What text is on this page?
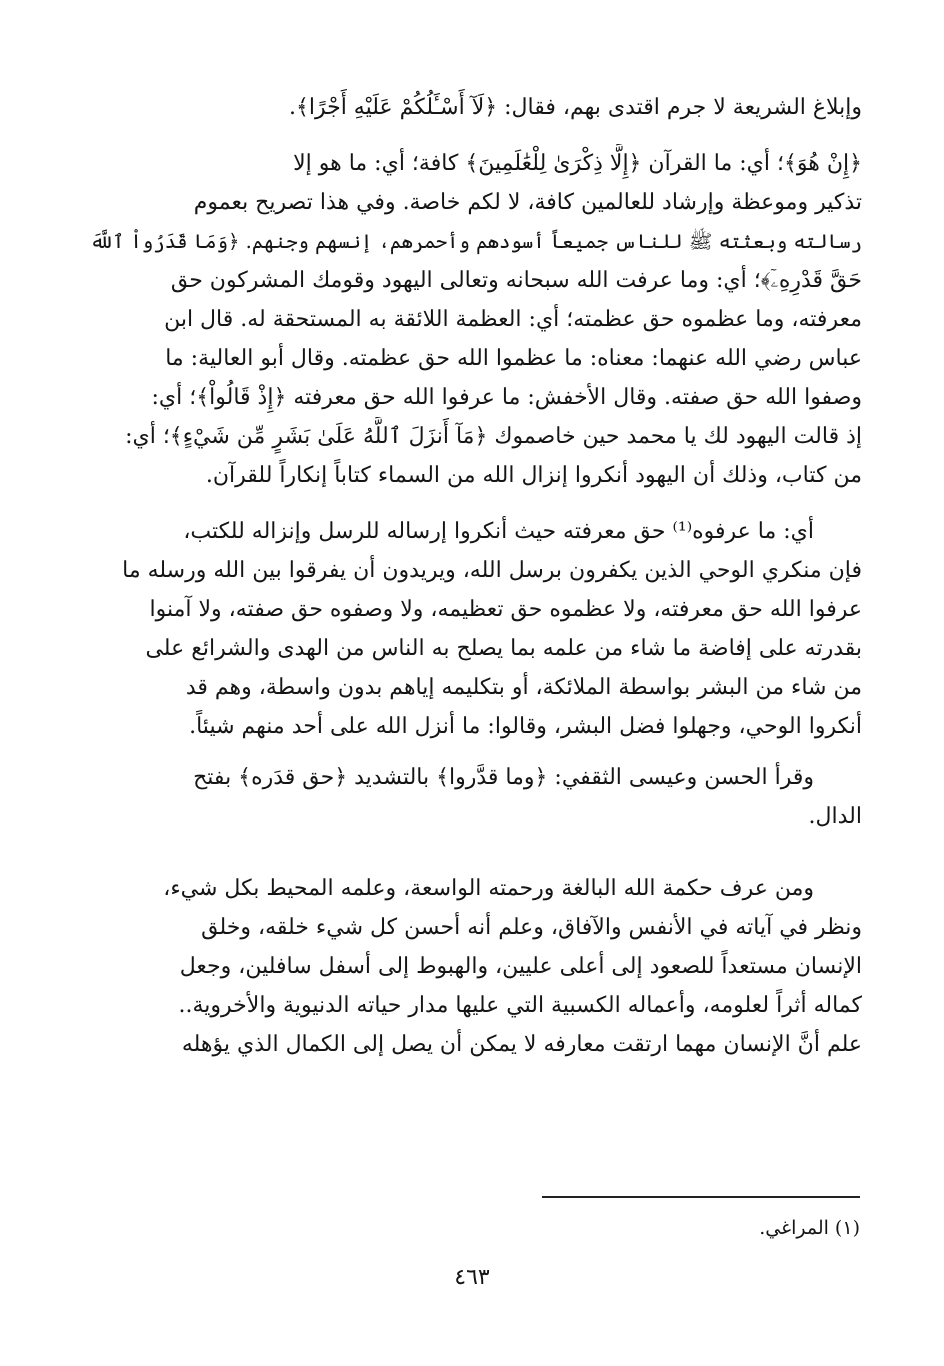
وإبلاغ الشريعة لا جرم اقتدى بهم، فقال: ﴿لَآ أَسْـَٔلُكُمْ عَلَيْهِ أَجْرًا﴾.

﴿إِنْ هُوَ﴾؛ أي: ما القرآن ﴿إِلَّا ذِكْرَىٰ لِلْعَٰلَمِينَ﴾ كافة؛ أي: ما هو إلا
تذكير وموعظة وإرشاد للعالمين كافة، لا لكم خاصة. وفي هذا تصريح بعموم
رسالته وبعثته ﷺ للناس جميعاً أسودهم وأحمرهم، إنسهم وجنهم. ﴿وَمَا قَدَرُواْ ٱللَّهَ
حَقَّ قَدْرِهِۦٓ﴾؛ أي: وما عرفت الله سبحانه وتعالى اليهود وقومك المشركون حق
معرفته، وما عظموه حق عظمته؛ أي: العظمة اللائقة به المستحقة له. قال ابن
عباس رضي الله عنهما: معناه: ما عظموا الله حق عظمته. وقال أبو العالية: ما
وصفوا الله حق صفته. وقال الأخفش: ما عرفوا الله حق معرفته ﴿إِذْ قَالُواْ﴾؛ أي:
إذ قالت اليهود لك يا محمد حين خاصموك ﴿مَآ أَنزَلَ ٱللَّهُ عَلَىٰ بَشَرٍ مِّن شَيْءٍ﴾؛ أي:
من كتاب، وذلك أن اليهود أنكروا إنزال الله من السماء كتاباً إنكاراً للقرآن.

أي: ما عرفوه⁽¹⁾ حق معرفته حيث أنكروا إرساله للرسل وإنزاله للكتب،
فإن منكري الوحي الذين يكفرون برسل الله، ويريدون أن يفرقوا بين الله ورسله ما
عرفوا الله حق معرفته، ولا عظموه حق تعظيمه، ولا وصفوه حق صفته، ولا آمنوا
بقدرته على إفاضة ما شاء من علمه بما يصلح به الناس من الهدى والشرائع على
من شاء من البشر بواسطة الملائكة، أو بتكليمه إياهم بدون واسطة، وهم قد
أنكروا الوحي، وجهلوا فضل البشر، وقالوا: ما أنزل الله على أحد منهم شيئاً.

وقرأ الحسن وعيسى الثقفي: ﴿وما قدَّروا﴾ بالتشديد ﴿حق قدَره﴾ بفتح
الدال.

ومن عرف حكمة الله البالغة ورحمته الواسعة، وعلمه المحيط بكل شيء،
ونظر في آياته في الأنفس والآفاق، وعلم أنه أحسن كل شيء خلقه، وخلق
الإنسان مستعداً للصعود إلى أعلى عليين، والهبوط إلى أسفل سافلين، وجعل
كماله أثراً لعلومه، وأعماله الكسبية التي عليها مدار حياته الدنيوية والأخروية..
علم أنَّ الإنسان مهما ارتقت معارفه لا يمكن أن يصل إلى الكمال الذي يؤهله

(١) المراغي.
٤٦٣
